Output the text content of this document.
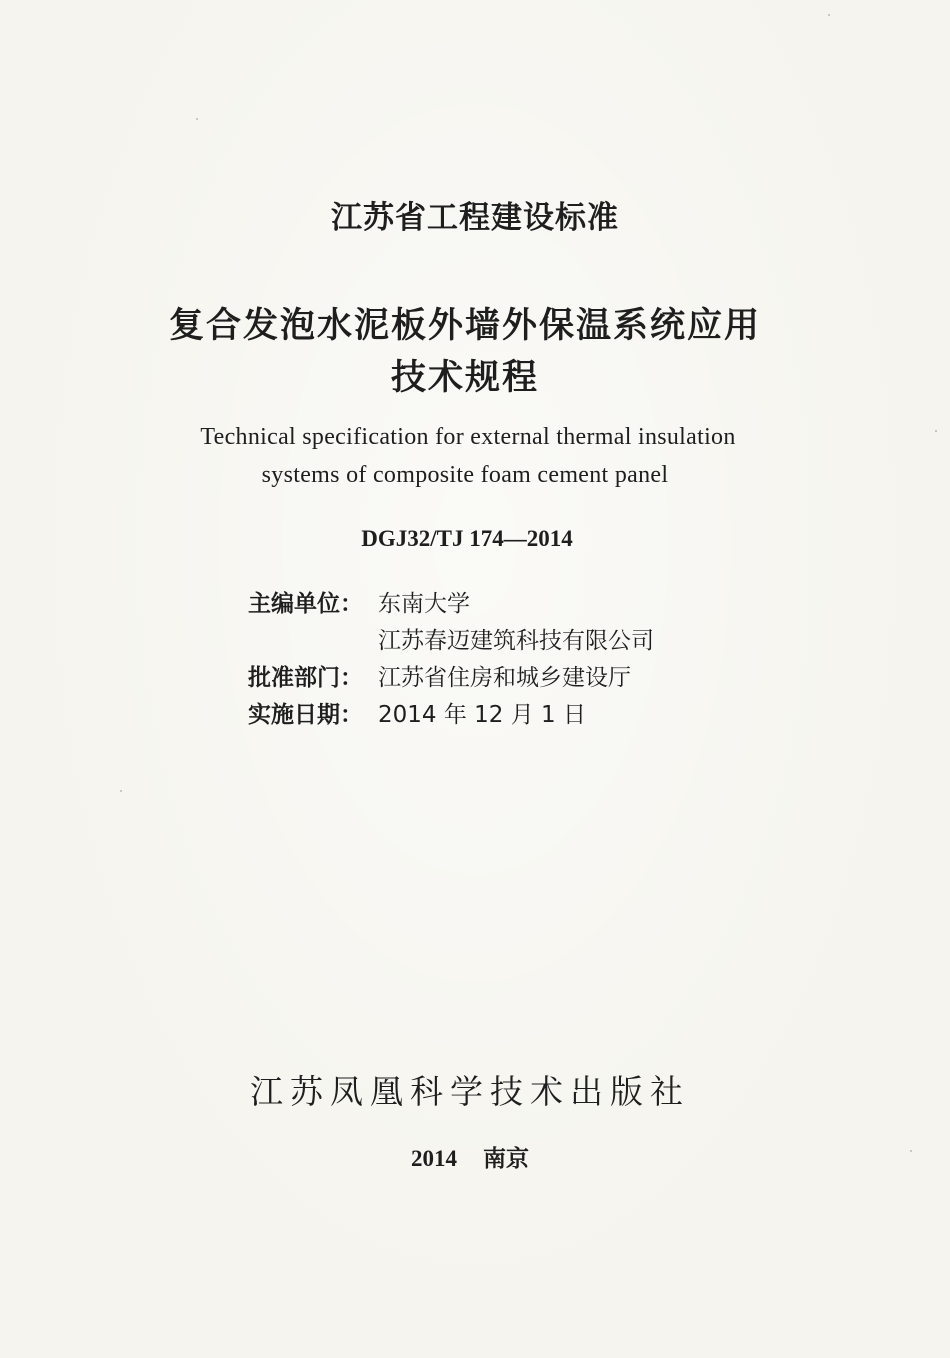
江苏省工程建设标准
复合发泡水泥板外墙外保温系统应用
技术规程
Technical specification for external thermal insulation
systems of composite foam cement panel
DGJ32/TJ 174—2014
主编单位： 东南大学
江苏春迈建筑科技有限公司
批准部门： 江苏省住房和城乡建设厅
实施日期： 2014 年 12 月 1 日
江苏凤凰科学技术出版社
2014 南京
